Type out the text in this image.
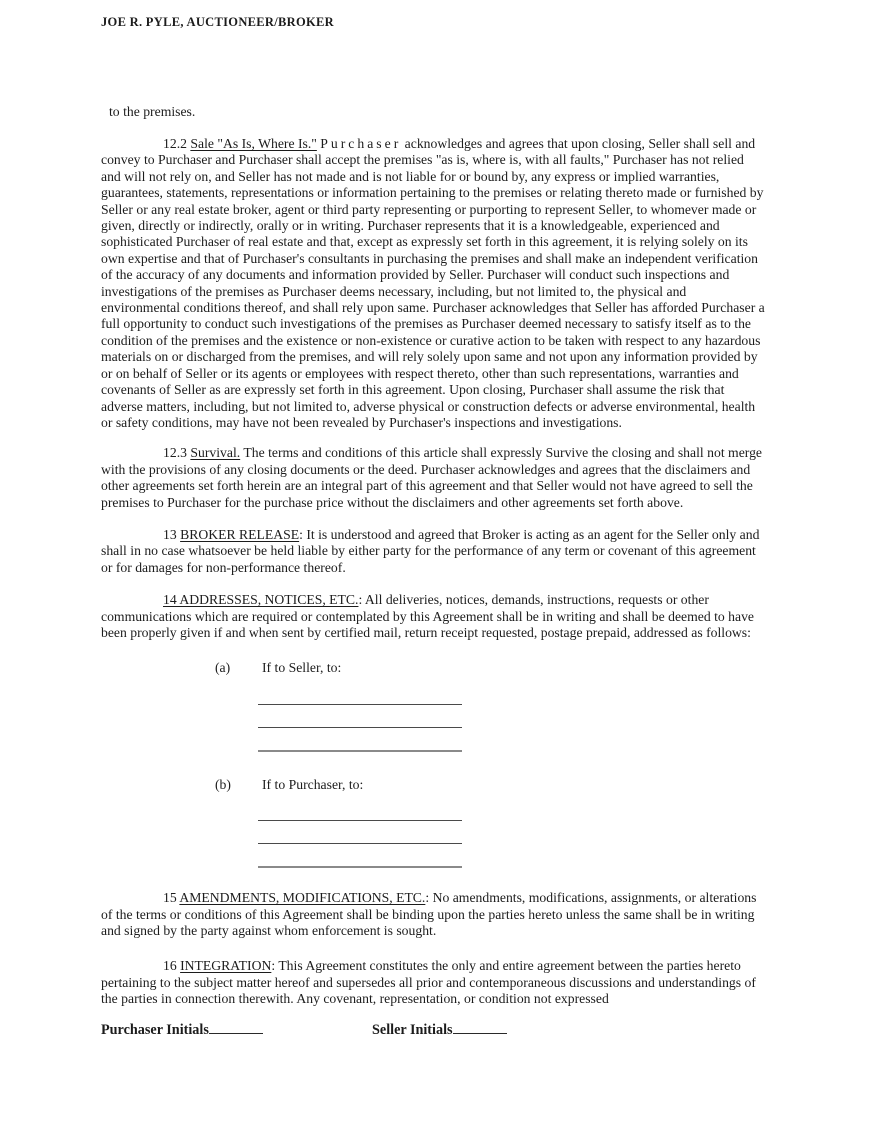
JOE R. PYLE, AUCTIONEER/BROKER
to the premises.
12.2 Sale "As Is, Where Is." Purchaser acknowledges and agrees that upon closing, Seller shall sell and convey to Purchaser and Purchaser shall accept the premises "as is, where is, with all faults," Purchaser has not relied and will not rely on, and Seller has not made and is not liable for or bound by, any express or implied warranties, guarantees, statements, representations or information pertaining to the premises or relating thereto made or furnished by Seller or any real estate broker, agent or third party representing or purporting to represent Seller, to whomever made or given, directly or indirectly, orally or in writing. Purchaser represents that it is a knowledgeable, experienced and sophisticated Purchaser of real estate and that, except as expressly set forth in this agreement, it is relying solely on its own expertise and that of Purchaser's consultants in purchasing the premises and shall make an independent verification of the accuracy of any documents and information provided by Seller. Purchaser will conduct such inspections and investigations of the premises as Purchaser deems necessary, including, but not limited to, the physical and environmental conditions thereof, and shall rely upon same. Purchaser acknowledges that Seller has afforded Purchaser a full opportunity to conduct such investigations of the premises as Purchaser deemed necessary to satisfy itself as to the condition of the premises and the existence or non-existence or curative action to be taken with respect to any hazardous materials on or discharged from the premises, and will rely solely upon same and not upon any information provided by or on behalf of Seller or its agents or employees with respect thereto, other than such representations, warranties and covenants of Seller as are expressly set forth in this agreement. Upon closing, Purchaser shall assume the risk that adverse matters, including, but not limited to, adverse physical or construction defects or adverse environmental, health or safety conditions, may have not been revealed by Purchaser's inspections and investigations.
12.3 Survival. The terms and conditions of this article shall expressly Survive the closing and shall not merge with the provisions of any closing documents or the deed. Purchaser acknowledges and agrees that the disclaimers and other agreements set forth herein are an integral part of this agreement and that Seller would not have agreed to sell the premises to Purchaser for the purchase price without the disclaimers and other agreements set forth above.
13 BROKER RELEASE: It is understood and agreed that Broker is acting as an agent for the Seller only and shall in no case whatsoever be held liable by either party for the performance of any term or covenant of this agreement or for damages for non-performance thereof.
14 ADDRESSES, NOTICES, ETC.: All deliveries, notices, demands, instructions, requests or other communications which are required or contemplated by this Agreement shall be in writing and shall be deemed to have been properly given if and when sent by certified mail, return receipt requested, postage prepaid, addressed as follows:
(a)	If to Seller, to:
(b)	If to Purchaser, to:
15 AMENDMENTS, MODIFICATIONS, ETC.: No amendments, modifications, assignments, or alterations of the terms or conditions of this Agreement shall be binding upon the parties hereto unless the same shall be in writing and signed by the party against whom enforcement is sought.
16 INTEGRATION: This Agreement constitutes the only and entire agreement between the parties hereto pertaining to the subject matter hereof and supersedes all prior and contemporaneous discussions and understandings of the parties in connection therewith. Any covenant, representation, or condition not expressed
Purchaser Initials	Seller Initials
